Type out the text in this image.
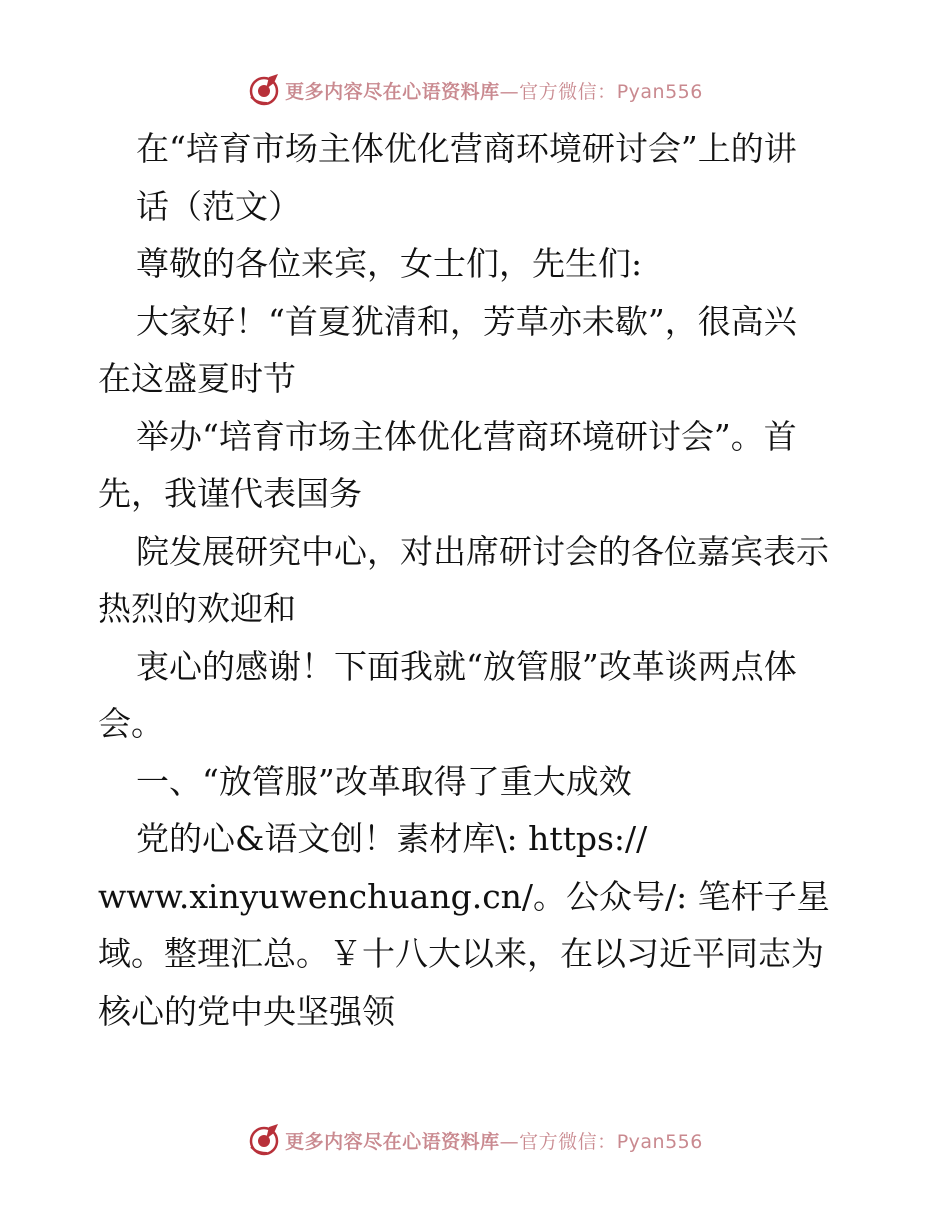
更多内容尽在心语资料库—官方微信：Pyan556
在“培育市场主体优化营商环境研讨会”上的讲
话（范文）
尊敬的各位来宾，女士们，先生们:
大家好！“首夏犹清和，芳草亦未歇”，很高兴
在这盛夏时节
举办“培育市场主体优化营商环境研讨会”。首
先，我谨代表国务
院发展研究中心，对出席研讨会的各位嘉宾表示
热烈的欢迎和
衷心的感谢！下面我就“放管服”改革谈两点体
会。
一、“放管服”改革取得了重大成效
党的心&语文创！素材库\: https://
www.xinyuwenchuang.cn/。公众号/: 笔杆子星
域。整理汇总。￥十八大以来，在以习近平同志为
核心的党中央坚强领
更多内容尽在心语资料库—官方微信：Pyan556
